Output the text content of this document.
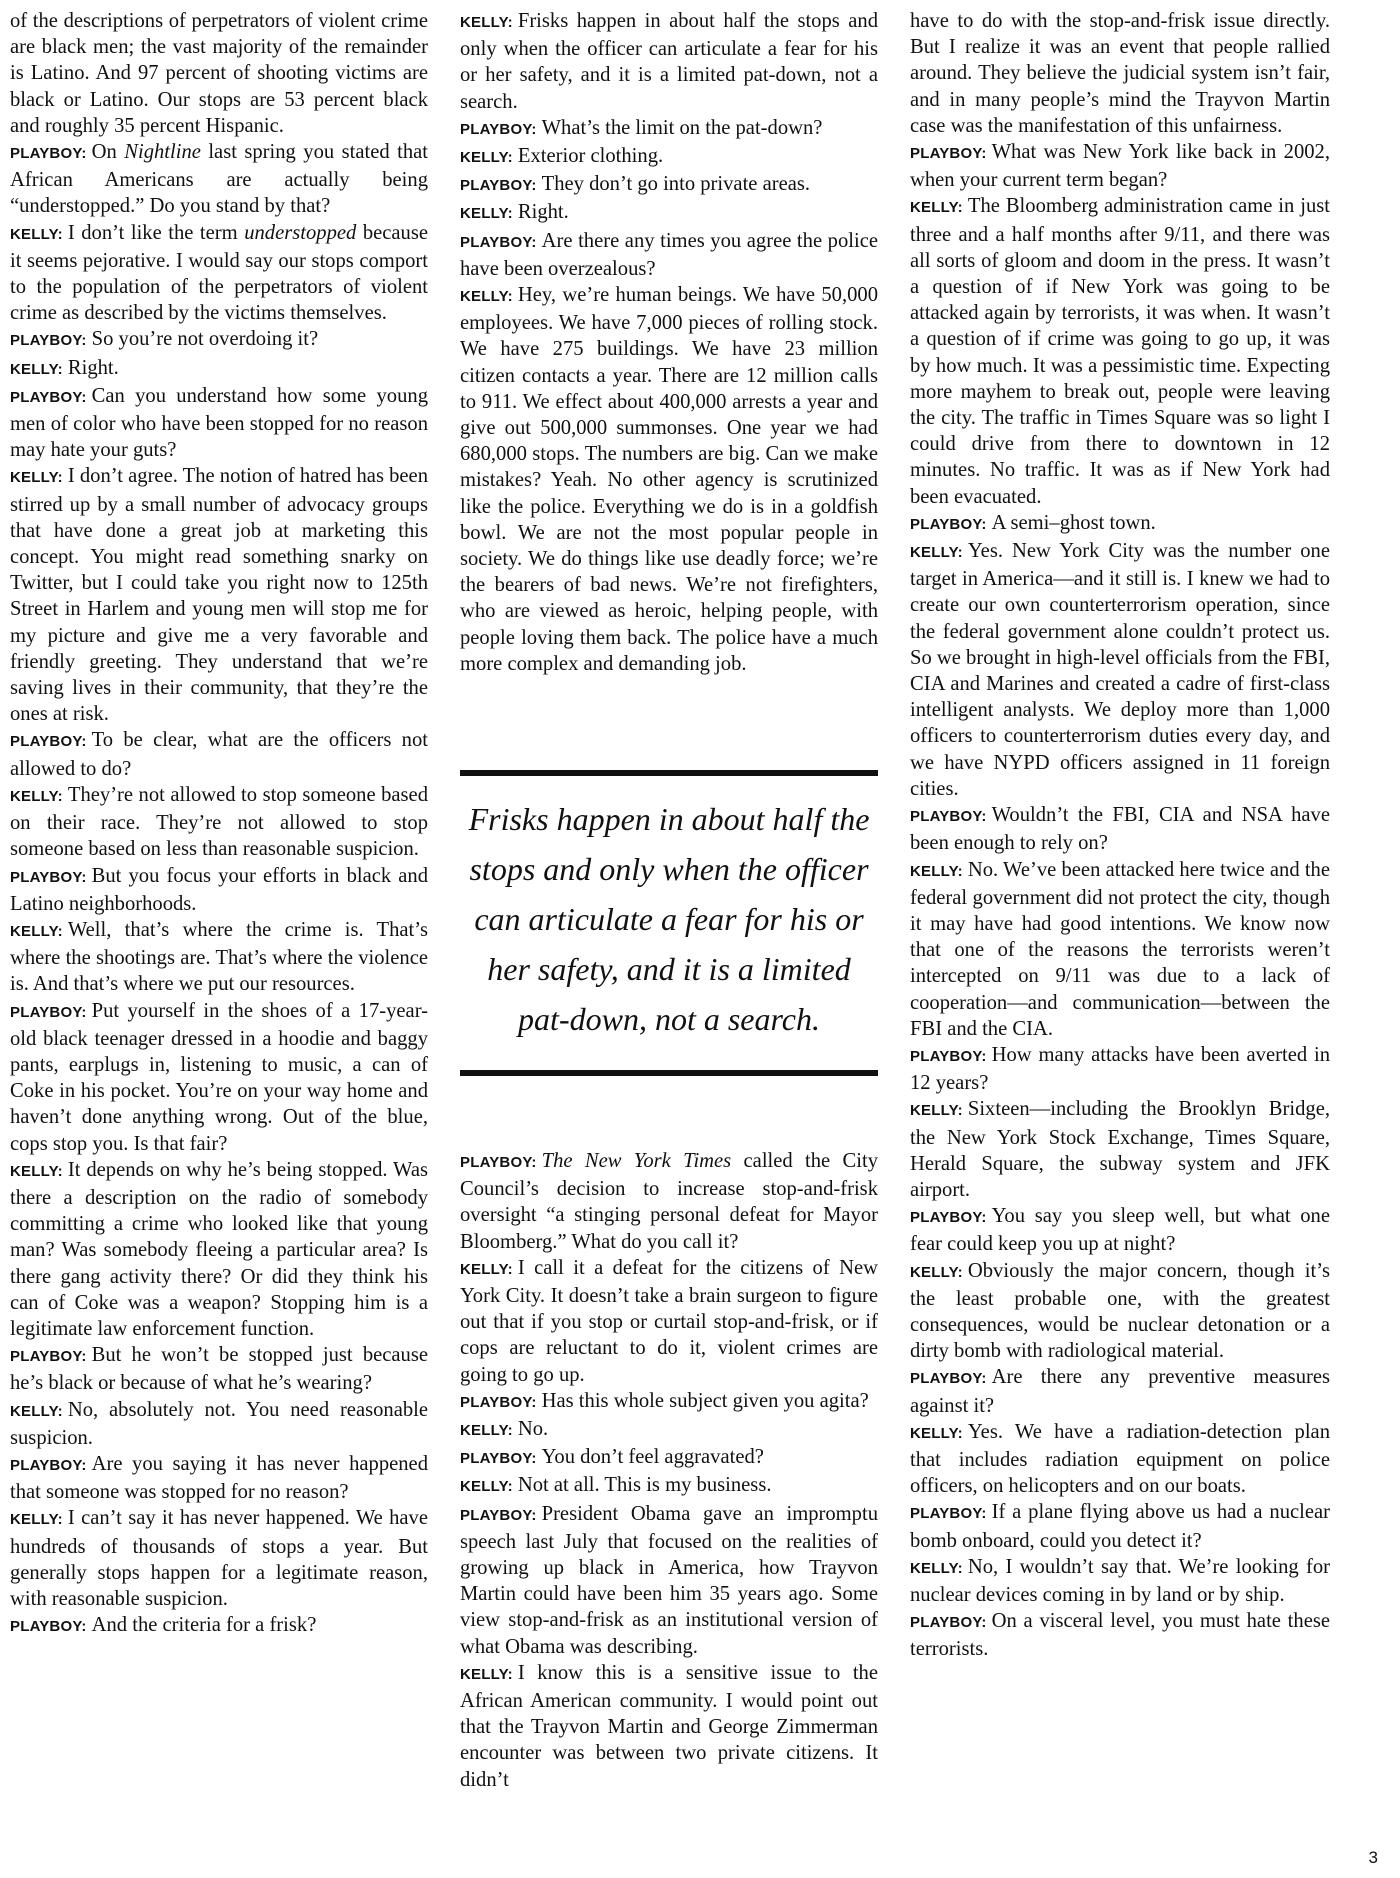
of the descriptions of perpetrators of violent crime are black men; the vast majority of the remainder is Latino. And 97 percent of shooting victims are black or Latino. Our stops are 53 percent black and roughly 35 percent Hispanic.

PLAYBOY: On Nightline last spring you stated that African Americans are actually being “understopped.” Do you stand by that?

KELLY: I don’t like the term understopped because it seems pejorative. I would say our stops comport to the population of the perpetrators of violent crime as described by the victims themselves.

PLAYBOY: So you’re not overdoing it?

KELLY: Right.

PLAYBOY: Can you understand how some young men of color who have been stopped for no reason may hate your guts?

KELLY: I don’t agree. The notion of hatred has been stirred up by a small number of advocacy groups that have done a great job at marketing this concept. You might read something snarky on Twitter, but I could take you right now to 125th Street in Harlem and young men will stop me for my picture and give me a very favorable and friendly greeting. They understand that we’re saving lives in their community, that they’re the ones at risk.

PLAYBOY: To be clear, what are the officers not allowed to do?

KELLY: They’re not allowed to stop someone based on their race. They’re not allowed to stop someone based on less than reasonable suspicion.

PLAYBOY: But you focus your efforts in black and Latino neighborhoods.

KELLY: Well, that’s where the crime is. That’s where the shootings are. That’s where the violence is. And that’s where we put our resources.

PLAYBOY: Put yourself in the shoes of a 17-year-old black teenager dressed in a hoodie and baggy pants, earplugs in, listening to music, a can of Coke in his pocket. You’re on your way home and haven’t done anything wrong. Out of the blue, cops stop you. Is that fair?

KELLY: It depends on why he’s being stopped. Was there a description on the radio of somebody committing a crime who looked like that young man? Was somebody fleeing a particular area? Is there gang activity there? Or did they think his can of Coke was a weapon? Stopping him is a legitimate law enforcement function.

PLAYBOY: But he won’t be stopped just because he’s black or because of what he’s wearing?

KELLY: No, absolutely not. You need reasonable suspicion.

PLAYBOY: Are you saying it has never happened that someone was stopped for no reason?

KELLY: I can’t say it has never happened. We have hundreds of thousands of stops a year. But generally stops happen for a legitimate reason, with reasonable suspicion.

PLAYBOY: And the criteria for a frisk?

KELLY: Frisks happen in about half the stops and only when the officer can articulate a fear for his or her safety, and it is a limited pat-down, not a search.

PLAYBOY: What’s the limit on the pat-down?

KELLY: Exterior clothing.

PLAYBOY: They don’t go into private areas.

KELLY: Right.

PLAYBOY: Are there any times you agree the police have been overzealous?

KELLY: Hey, we’re human beings. We have 50,000 employees. We have 7,000 pieces of rolling stock. We have 275 buildings. We have 23 million citizen contacts a year. There are 12 million calls to 911. We effect about 400,000 arrests a year and give out 500,000 summonses. One year we had 680,000 stops. The numbers are big. Can we make mistakes? Yeah. No other agency is scrutinized like the police. Everything we do is in a goldfish bowl. We are not the most popular people in society. We do things like use deadly force; we’re the bearers of bad news. We’re not firefighters, who are viewed as heroic, helping people, with people loving them back. The police have a much more complex and demanding job.

Frisks happen in about half the stops and only when the officer can articulate a fear for his or her safety, and it is a limited pat-down, not a search.

PLAYBOY: The New York Times called the City Council’s decision to increase stop-and-frisk oversight “a stinging personal defeat for Mayor Bloomberg.” What do you call it?

KELLY: I call it a defeat for the citizens of New York City. It doesn’t take a brain surgeon to figure out that if you stop or curtail stop-and-frisk, or if cops are reluctant to do it, violent crimes are going to go up.

PLAYBOY: Has this whole subject given you agita?

KELLY: No.

PLAYBOY: You don’t feel aggravated?

KELLY: Not at all. This is my business.

PLAYBOY: President Obama gave an impromptu speech last July that focused on the realities of growing up black in America, how Trayvon Martin could have been him 35 years ago. Some view stop-and-frisk as an institutional version of what Obama was describing.

KELLY: I know this is a sensitive issue to the African American community. I would point out that the Trayvon Martin and George Zimmerman encounter was between two private citizens. It didn’t

have to do with the stop-and-frisk issue directly. But I realize it was an event that people rallied around. They believe the judicial system isn’t fair, and in many people’s mind the Trayvon Martin case was the manifestation of this unfairness.

PLAYBOY: What was New York like back in 2002, when your current term began?

KELLY: The Bloomberg administration came in just three and a half months after 9/11, and there was all sorts of gloom and doom in the press. It wasn’t a question of if New York was going to be attacked again by terrorists, it was when. It wasn’t a question of if crime was going to go up, it was by how much. It was a pessimistic time. Expecting more mayhem to break out, people were leaving the city. The traffic in Times Square was so light I could drive from there to downtown in 12 minutes. No traffic. It was as if New York had been evacuated.

PLAYBOY: A semi–ghost town.

KELLY: Yes. New York City was the number one target in America—and it still is. I knew we had to create our own counterterrorism operation, since the federal government alone couldn’t protect us. So we brought in high-level officials from the FBI, CIA and Marines and created a cadre of first-class intelligent analysts. We deploy more than 1,000 officers to counterterrorism duties every day, and we have NYPD officers assigned in 11 foreign cities.

PLAYBOY: Wouldn’t the FBI, CIA and NSA have been enough to rely on?

KELLY: No. We’ve been attacked here twice and the federal government did not protect the city, though it may have had good intentions. We know now that one of the reasons the terrorists weren’t intercepted on 9/11 was due to a lack of cooperation—and communication—between the FBI and the CIA.

PLAYBOY: How many attacks have been averted in 12 years?

KELLY: Sixteen—including the Brooklyn Bridge, the New York Stock Exchange, Times Square, Herald Square, the subway system and JFK airport.

PLAYBOY: You say you sleep well, but what one fear could keep you up at night?

KELLY: Obviously the major concern, though it’s the least probable one, with the greatest consequences, would be nuclear detonation or a dirty bomb with radiological material.

PLAYBOY: Are there any preventive measures against it?

KELLY: Yes. We have a radiation-detection plan that includes radiation equipment on police officers, on helicopters and on our boats.

PLAYBOY: If a plane flying above us had a nuclear bomb onboard, could you detect it?

KELLY: No, I wouldn’t say that. We’re looking for nuclear devices coming in by land or by ship.

PLAYBOY: On a visceral level, you must hate these terrorists.

3
